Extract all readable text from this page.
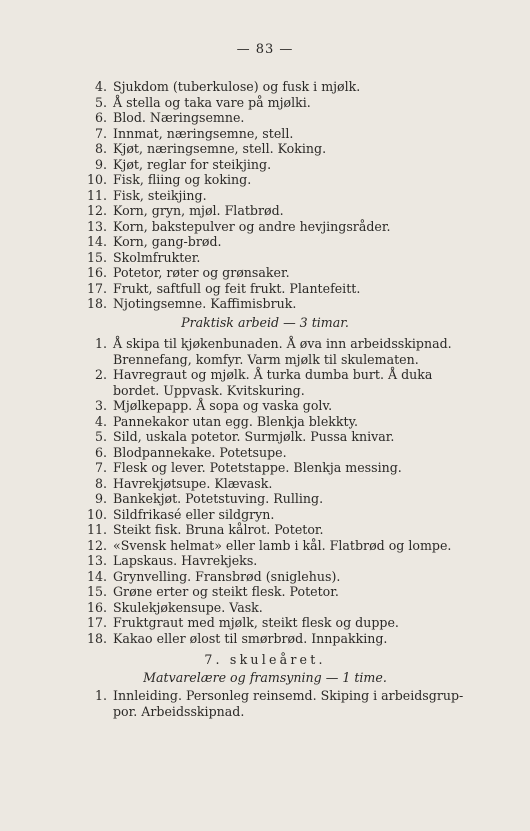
— 83 —
4. Sjukdom (tuberkulose) og fusk i mjølk.
5. Å stella og taka vare på mjølki.
6. Blod. Næringsemne.
7. Innmat, næringsemne, stell.
8. Kjøt, næringsemne, stell. Koking.
9. Kjøt, reglar for steikjing.
10. Fisk, fliing og koking.
11. Fisk, steikjing.
12. Korn, gryn, mjøl. Flatbrød.
13. Korn, bakstepulver og andre hevjingsråder.
14. Korn, gang-brød.
15. Skolmfrukter.
16. Potetor, røter og grønsaker.
17. Frukt, saftfull og feit frukt. Plantefeitt.
18. Njotingsemne. Kaffimisbruk.
Praktisk arbeid — 3 timar.
1. Å skipa til kjøkenbunaden. Å øva inn arbeidsskipnad.
Brennefang, komfyr. Varm mjølk til skulematen.
2. Havregraut og mjølk. Å turka dumba burt. Å duka
bordet. Uppvask. Kvitskuring.
3. Mjølkepapp. Å sopa og vaska golv.
4. Pannekakor utan egg. Blenkja blekkty.
5. Sild, uskala potetor. Surmjølk. Pussa knivar.
6. Blodpannekake. Potetsupe.
7. Flesk og lever. Potetstappe. Blenkja messing.
8. Havrekjøtsupe. Klævask.
9. Bankekjøt. Potetstuving. Rulling.
10. Sildfrikasé eller sildgryn.
11. Steikt fisk. Bruna kålrot. Potetor.
12. «Svensk helmat» eller lamb i kål. Flatbrød og lompe.
13. Lapskaus. Havrekjeks.
14. Grynvelling. Fransbrød (sniglehus).
15. Grøne erter og steikt flesk. Potetor.
16. Skulekjøkensupe. Vask.
17. Fruktgraut med mjølk, steikt flesk og duppe.
18. Kakao eller ølost til smørbrød. Innpakking.
7. skuleåret.
Matvarelære og framsyning — 1 time.
1. Innleiding. Personleg reinsemd. Skiping i arbeidsgrup-
por. Arbeidsskipnad.
